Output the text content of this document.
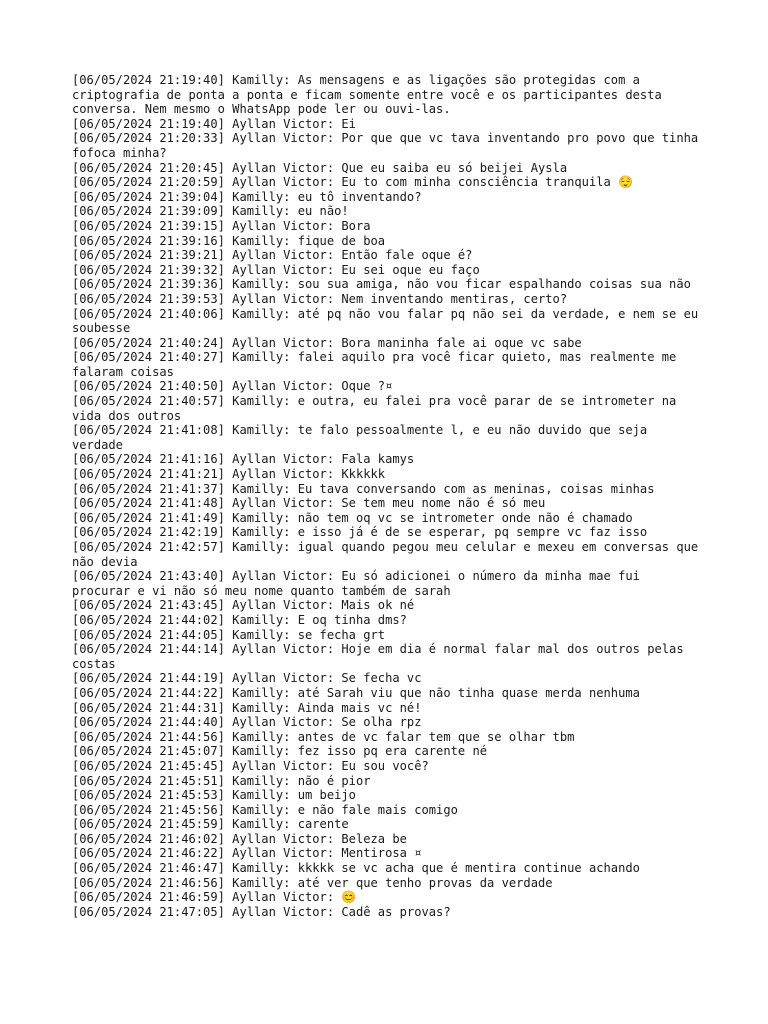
[06/05/2024 21:19:40] Kamilly: As mensagens e as ligações são protegidas com a criptografia de ponta a ponta e ficam somente entre você e os participantes desta conversa. Nem mesmo o WhatsApp pode ler ou ouvi-las.
[06/05/2024 21:19:40] Ayllan Victor: Ei
[06/05/2024 21:20:33] Ayllan Victor: Por que que vc tava inventando pro povo que tinha fofoca minha?
[06/05/2024 21:20:45] Ayllan Victor: Que eu saiba eu só beijei Aysla
[06/05/2024 21:20:59] Ayllan Victor: Eu to com minha consciência tranquila 😌
[06/05/2024 21:39:04] Kamilly: eu tô inventando?
[06/05/2024 21:39:09] Kamilly: eu não!
[06/05/2024 21:39:15] Ayllan Victor: Bora
[06/05/2024 21:39:16] Kamilly: fique de boa
[06/05/2024 21:39:21] Ayllan Victor: Então fale oque é?
[06/05/2024 21:39:32] Ayllan Victor: Eu sei oque eu faço
[06/05/2024 21:39:36] Kamilly: sou sua amiga, não vou ficar espalhando coisas sua não
[06/05/2024 21:39:53] Ayllan Victor: Nem inventando mentiras, certo?
[06/05/2024 21:40:06] Kamilly: até pq não vou falar pq não sei da verdade, e nem se eu soubesse
[06/05/2024 21:40:24] Ayllan Victor: Bora maninha fale ai oque vc sabe
[06/05/2024 21:40:27] Kamilly: falei aquilo pra você ficar quieto, mas realmente me falaram coisas
[06/05/2024 21:40:50] Ayllan Victor: Oque ?¤
[06/05/2024 21:40:57] Kamilly: e outra, eu falei pra você parar de se intrometer na vida dos outros
[06/05/2024 21:41:08] Kamilly: te falo pessoalmente l, e eu não duvido que seja verdade
[06/05/2024 21:41:16] Ayllan Victor: Fala kamys
[06/05/2024 21:41:21] Ayllan Victor: Kkkkkk
[06/05/2024 21:41:37] Kamilly: Eu tava conversando com as meninas, coisas minhas
[06/05/2024 21:41:48] Ayllan Victor: Se tem meu nome não é só meu
[06/05/2024 21:41:49] Kamilly: não tem oq vc se intrometer onde não é chamado
[06/05/2024 21:42:19] Kamilly: e isso já é de se esperar, pq sempre vc faz isso
[06/05/2024 21:42:57] Kamilly: igual quando pegou meu celular e mexeu em conversas que não devia
[06/05/2024 21:43:40] Ayllan Victor: Eu só adicionei o número da minha mae fui procurar e vi não só meu nome quanto também de sarah
[06/05/2024 21:43:45] Ayllan Victor: Mais ok né
[06/05/2024 21:44:02] Kamilly: E oq tinha dms?
[06/05/2024 21:44:05] Kamilly: se fecha grt
[06/05/2024 21:44:14] Ayllan Victor: Hoje em dia é normal falar mal dos outros pelas costas
[06/05/2024 21:44:19] Ayllan Victor: Se fecha vc
[06/05/2024 21:44:22] Kamilly: até Sarah viu que não tinha quase merda nenhuma
[06/05/2024 21:44:31] Kamilly: Ainda mais vc né!
[06/05/2024 21:44:40] Ayllan Victor: Se olha rpz
[06/05/2024 21:44:56] Kamilly: antes de vc falar tem que se olhar tbm
[06/05/2024 21:45:07] Kamilly: fez isso pq era carente né
[06/05/2024 21:45:45] Ayllan Victor: Eu sou você?
[06/05/2024 21:45:51] Kamilly: não é pior
[06/05/2024 21:45:53] Kamilly: um beijo
[06/05/2024 21:45:56] Kamilly: e não fale mais comigo
[06/05/2024 21:45:59] Kamilly: carente
[06/05/2024 21:46:02] Ayllan Victor: Beleza be
[06/05/2024 21:46:22] Ayllan Victor: Mentirosa ¤
[06/05/2024 21:46:47] Kamilly: kkkkk se vc acha que é mentira continue achando
[06/05/2024 21:46:56] Kamilly: até ver que tenho provas da verdade
[06/05/2024 21:46:59] Ayllan Victor: 😊
[06/05/2024 21:47:05] Ayllan Victor: Cadê as provas?
